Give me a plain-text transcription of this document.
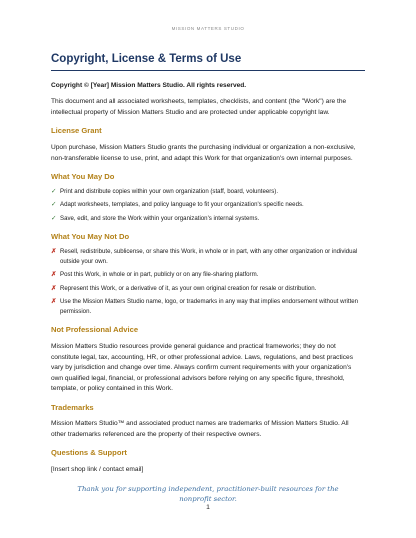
MISSION MATTERS STUDIO
Copyright, License & Terms of Use

Copyright © [Year] Mission Matters Studio. All rights reserved.

This document and all associated worksheets, templates, checklists, and content (the "Work") are the intellectual property of Mission Matters Studio and are protected under applicable copyright law.

License Grant

Upon purchase, Mission Matters Studio grants the purchasing individual or organization a non-exclusive, non-transferable license to use, print, and adapt this Work for that organization's own internal purposes.

What You May Do
✓ Print and distribute copies within your own organization (staff, board, volunteers).
✓ Adapt worksheets, templates, and policy language to fit your organization's specific needs.
✓ Save, edit, and store the Work within your organization's internal systems.
What You May Not Do
✗ Resell, redistribute, sublicense, or share this Work, in whole or in part, with any other organization or individual outside your own.
✗ Post this Work, in whole or in part, publicly or on any file-sharing platform.
✗ Represent this Work, or a derivative of it, as your own original creation for resale or distribution.
✗ Use the Mission Matters Studio name, logo, or trademarks in any way that implies endorsement without written permission.
Not Professional Advice

Mission Matters Studio resources provide general guidance and practical frameworks; they do not constitute legal, tax, accounting, HR, or other professional advice. Laws, regulations, and best practices vary by jurisdiction and change over time. Always confirm current requirements with your organization's own qualified legal, financial, or professional advisors before relying on any specific figure, threshold, template, or policy contained in this Work.

Trademarks

Mission Matters Studio™ and associated product names are trademarks of Mission Matters Studio. All other trademarks referenced are the property of their respective owners.

Questions & Support

[Insert shop link / contact email]

Thank you for supporting independent, practitioner-built resources for the nonprofit sector.

1
